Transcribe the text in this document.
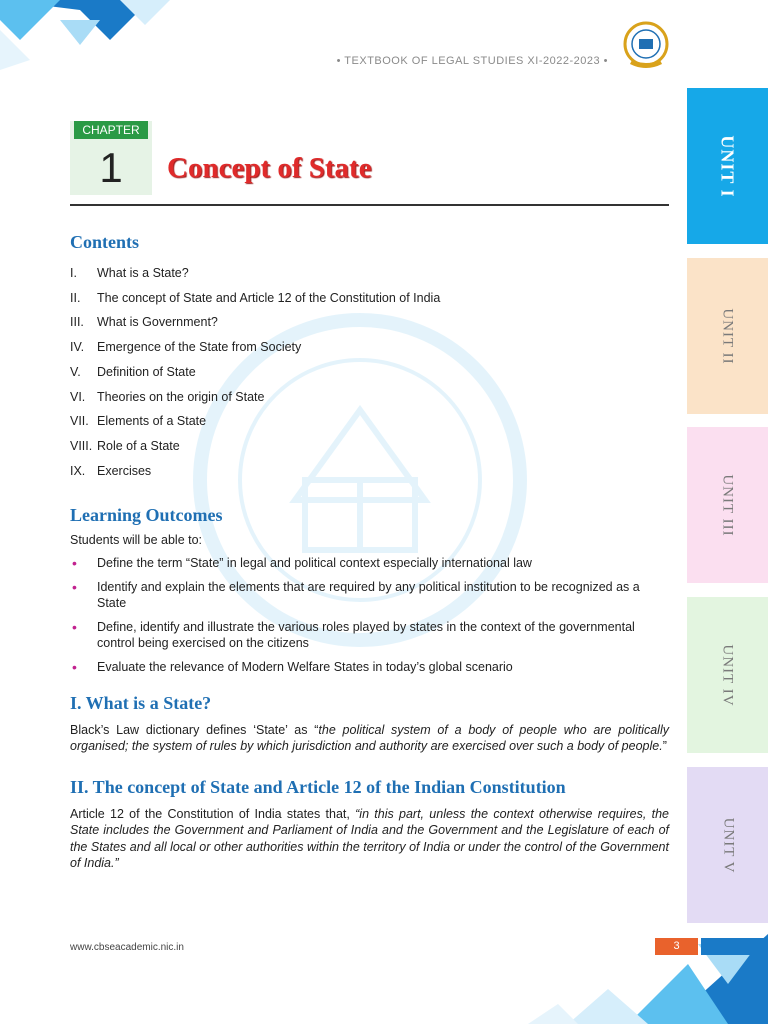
• TEXTBOOK OF LEGAL STUDIES XI-2022-2023 •
UNIT I
UNIT II
UNIT III
UNIT IV
UNIT V
CHAPTER
1	Concept of State
Contents
I.	What is a State?
II.	The concept of State and Article 12 of the Constitution of India
III.	What is Government?
IV.	Emergence of the State from Society
V.	Definition of State
VI. Theories on the origin of State
VII. Elements of a State
VIII. Role of a State
IX. Exercises
Learning Outcomes

Students will be able to:

• Define the term “State” in legal and political context especially international law
• Identify and explain the elements that are required by any political institution to be recognized as a State
• Define, identify and illustrate the various roles played by states in the context of the governmental control being exercised on the citizens
• Evaluate the relevance of Modern Welfare States in today’s global scenario
I. What is a State?

Black’s Law dictionary defines ‘State’ as “the political system of a body of people who are politically organised; the system of rules by which jurisdiction and authority are exercised over such a body of people.”

II. The concept of State and Article 12 of the Indian Constitution

Article 12 of the Constitution of India states that, “in this part, unless the context otherwise requires, the State includes the Government and Parliament of India and the Government and the Legislature of each of the States and all local or other authorities within the territory of India or under the control of the Government of India.”

www.cbseacademic.nic.in	3
